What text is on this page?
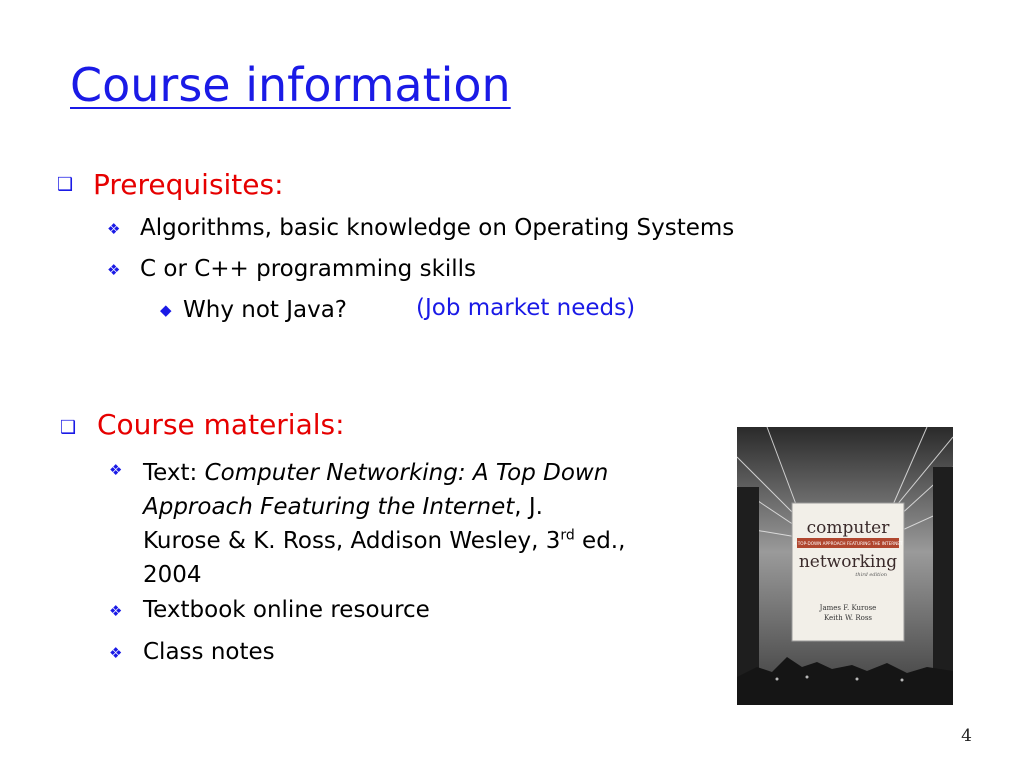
Course information
❑ Prerequisites:
❖ Algorithms, basic knowledge on Operating Systems
❖ C or C++ programming skills
◆ Why not Java?	(Job market needs)
❑ Course materials:
❖ Text: Computer Networking: A Top Down
Approach Featuring the Internet, J.
Kurose & K. Ross, Addison Wesley, 3rd ed.,
2004
❖ Textbook online resource
❖ Class notes
computer
A TOP-DOWN APPROACH FEATURING THE INTERNET
networking
third edition
James F. Kurose
Keith W. Ross
4
